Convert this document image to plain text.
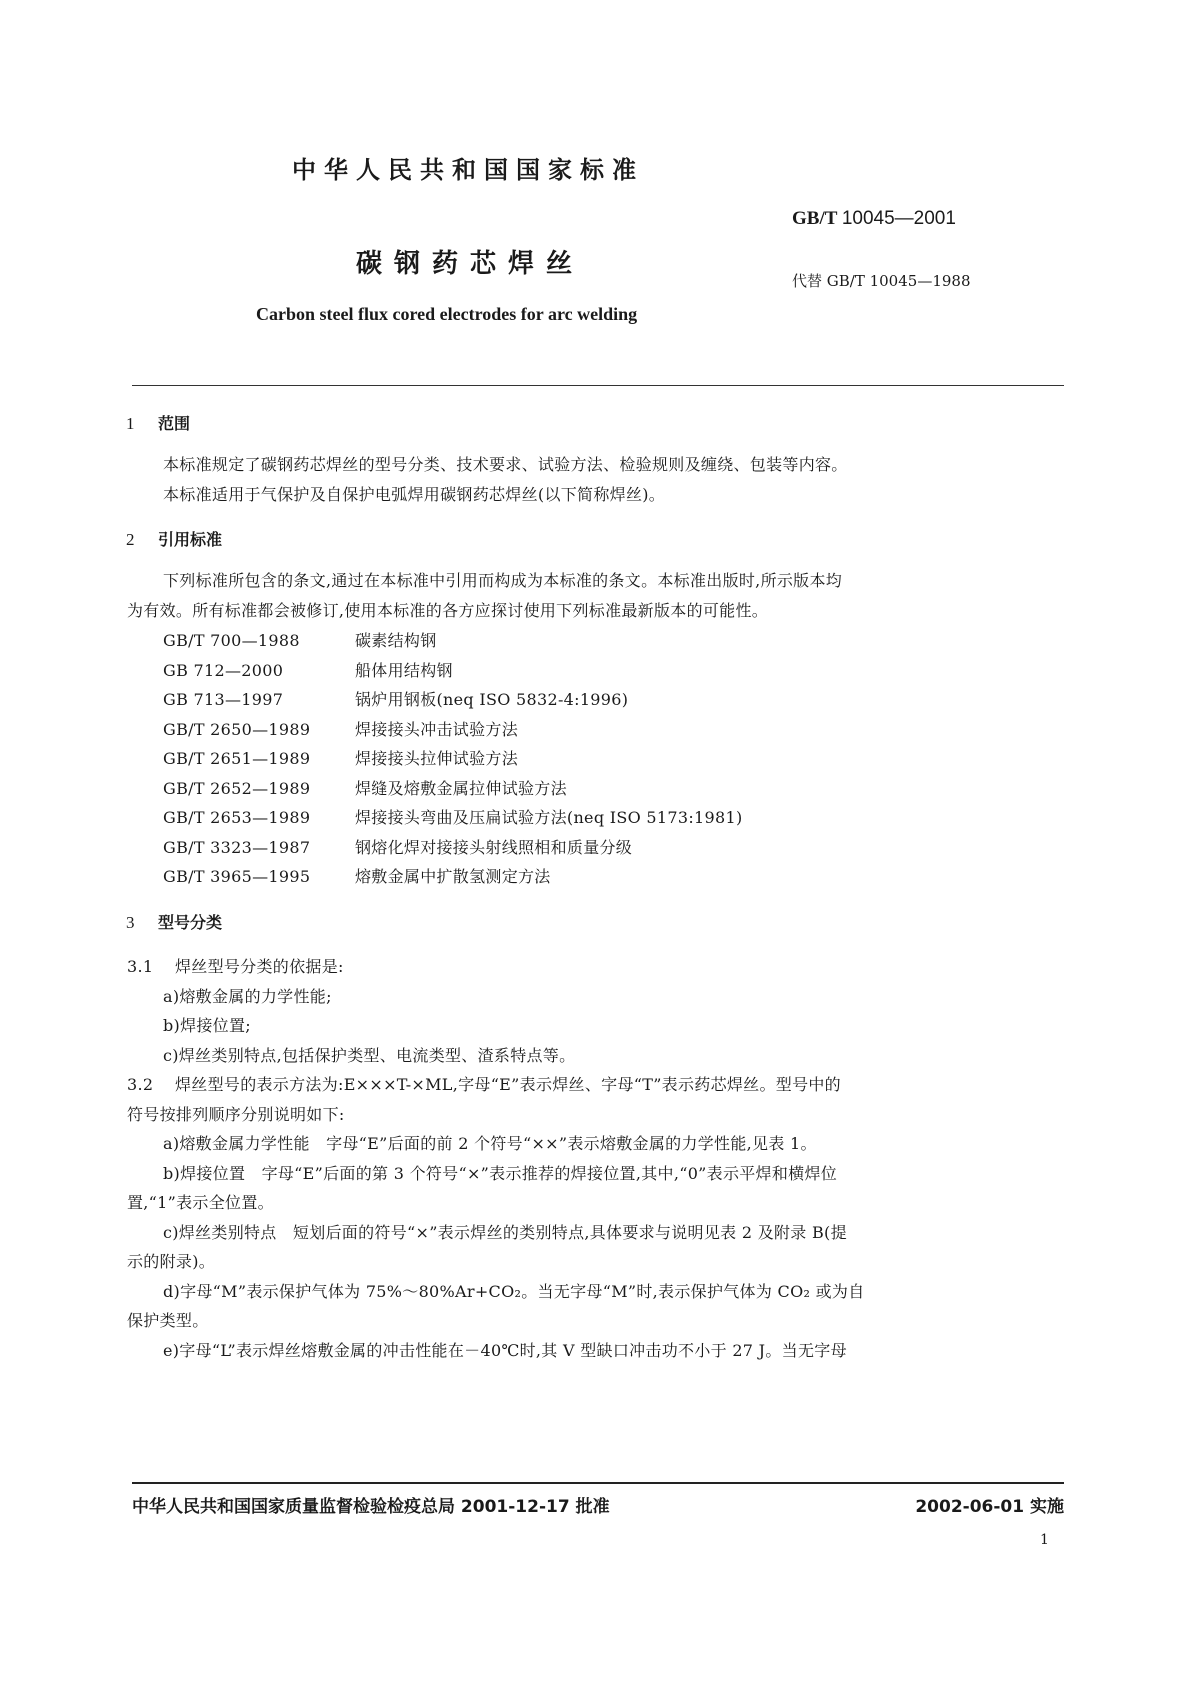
中华人民共和国国家标准
GB/T 10045—2001
碳钢药芯焊丝
代替 GB/T 10045—1988
Carbon steel flux cored electrodes for arc welding
1 范围
本标准规定了碳钢药芯焊丝的型号分类、技术要求、试验方法、检验规则及缠绕、包装等内容。
本标准适用于气保护及自保护电弧焊用碳钢药芯焊丝(以下简称焊丝)。
2 引用标准
下列标准所包含的条文,通过在本标准中引用而构成为本标准的条文。本标准出版时,所示版本均
为有效。所有标准都会被修订,使用本标准的各方应探讨使用下列标准最新版本的可能性。
GB/T 700—1988	碳素结构钢
GB 712—2000	船体用结构钢
GB 713—1997	锅炉用钢板(neq ISO 5832-4:1996)
GB/T 2650—1989	焊接接头冲击试验方法
GB/T 2651—1989	焊接接头拉伸试验方法
GB/T 2652—1989	焊缝及熔敷金属拉伸试验方法
GB/T 2653—1989	焊接接头弯曲及压扁试验方法(neq ISO 5173:1981)
GB/T 3323—1987	钢熔化焊对接接头射线照相和质量分级
GB/T 3965—1995	熔敷金属中扩散氢测定方法
3 型号分类
3.1 焊丝型号分类的依据是:
a)熔敷金属的力学性能;
b)焊接位置;
c)焊丝类别特点,包括保护类型、电流类型、渣系特点等。
3.2 焊丝型号的表示方法为:E×××T-×ML,字母“E”表示焊丝、字母“T”表示药芯焊丝。型号中的
符号按排列顺序分别说明如下:
a)熔敷金属力学性能　字母“E”后面的前 2 个符号“××”表示熔敷金属的力学性能,见表 1。
b)焊接位置　字母“E”后面的第 3 个符号“×”表示推荐的焊接位置,其中,“0”表示平焊和横焊位
置,“1”表示全位置。
c)焊丝类别特点　短划后面的符号“×”表示焊丝的类别特点,具体要求与说明见表 2 及附录 B(提
示的附录)。
d)字母“M”表示保护气体为 75%～80%Ar+CO₂。当无字母“M”时,表示保护气体为 CO₂ 或为自
保护类型。
e)字母“L”表示焊丝熔敷金属的冲击性能在－40℃时,其 V 型缺口冲击功不小于 27 J。当无字母
中华人民共和国国家质量监督检验检疫总局 2001-12-17 批准	2002-06-01 实施
1
